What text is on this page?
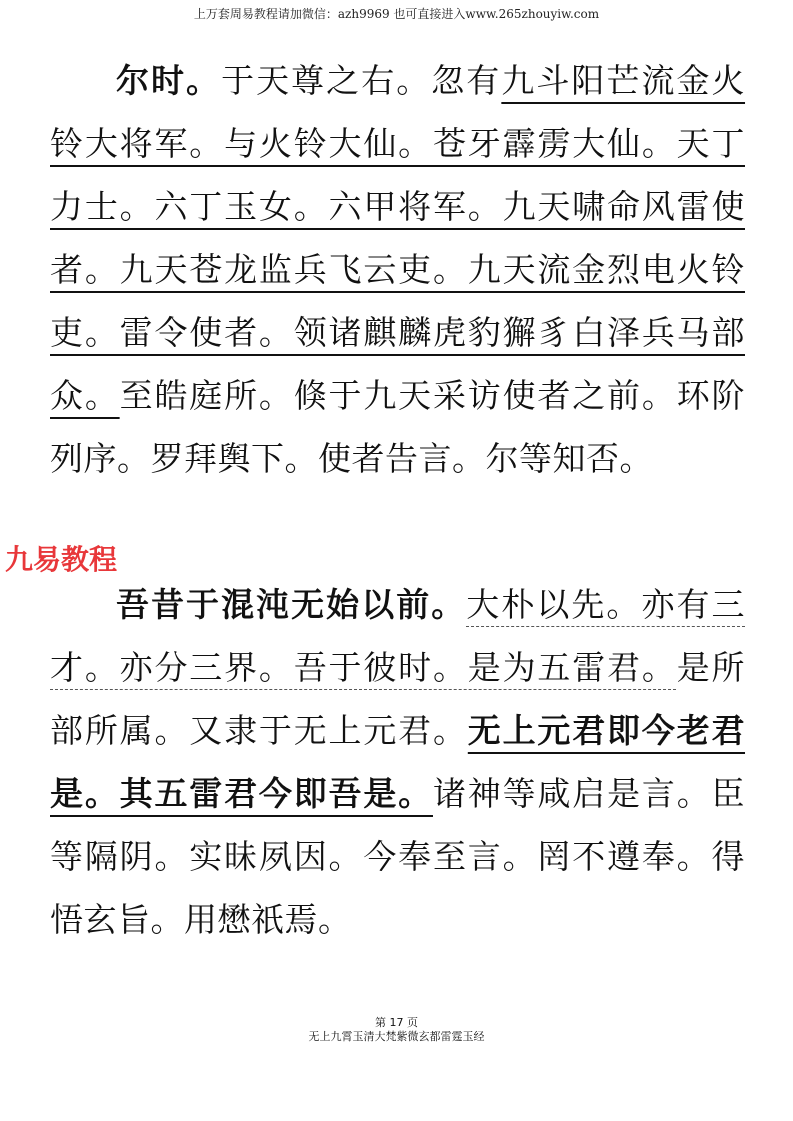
上万套周易教程请加微信：azh9969 也可直接进入www.265zhouyiw.com
尔时。于天尊之右。忽有九斗阳芒流金火铃大将军。与火铃大仙。苍牙霹雳大仙。天丁力士。六丁玉女。六甲将军。九天啸命风雷使者。九天苍龙监兵飞云吏。九天流金烈电火铃吏。雷令使者。领诸麒麟虎豹獬豸白泽兵马部众。至皓庭所。倏于九天采访使者之前。环阶列序。罗拜舆下。使者告言。尔等知否。
九易教程
吾昔于混沌无始以前。大朴以先。亦有三才。亦分三界。吾于彼时。是为五雷君。是所部所属。又隶于无上元君。无上元君即今老君是。其五雷君今即吾是。诸神等咸启是言。臣等隔阴。实昧夙因。今奉至言。罔不遵奉。得悟玄旨。用懋祇焉。
第 17 页
无上九霄玉清大梵紫微玄都雷霆玉经
